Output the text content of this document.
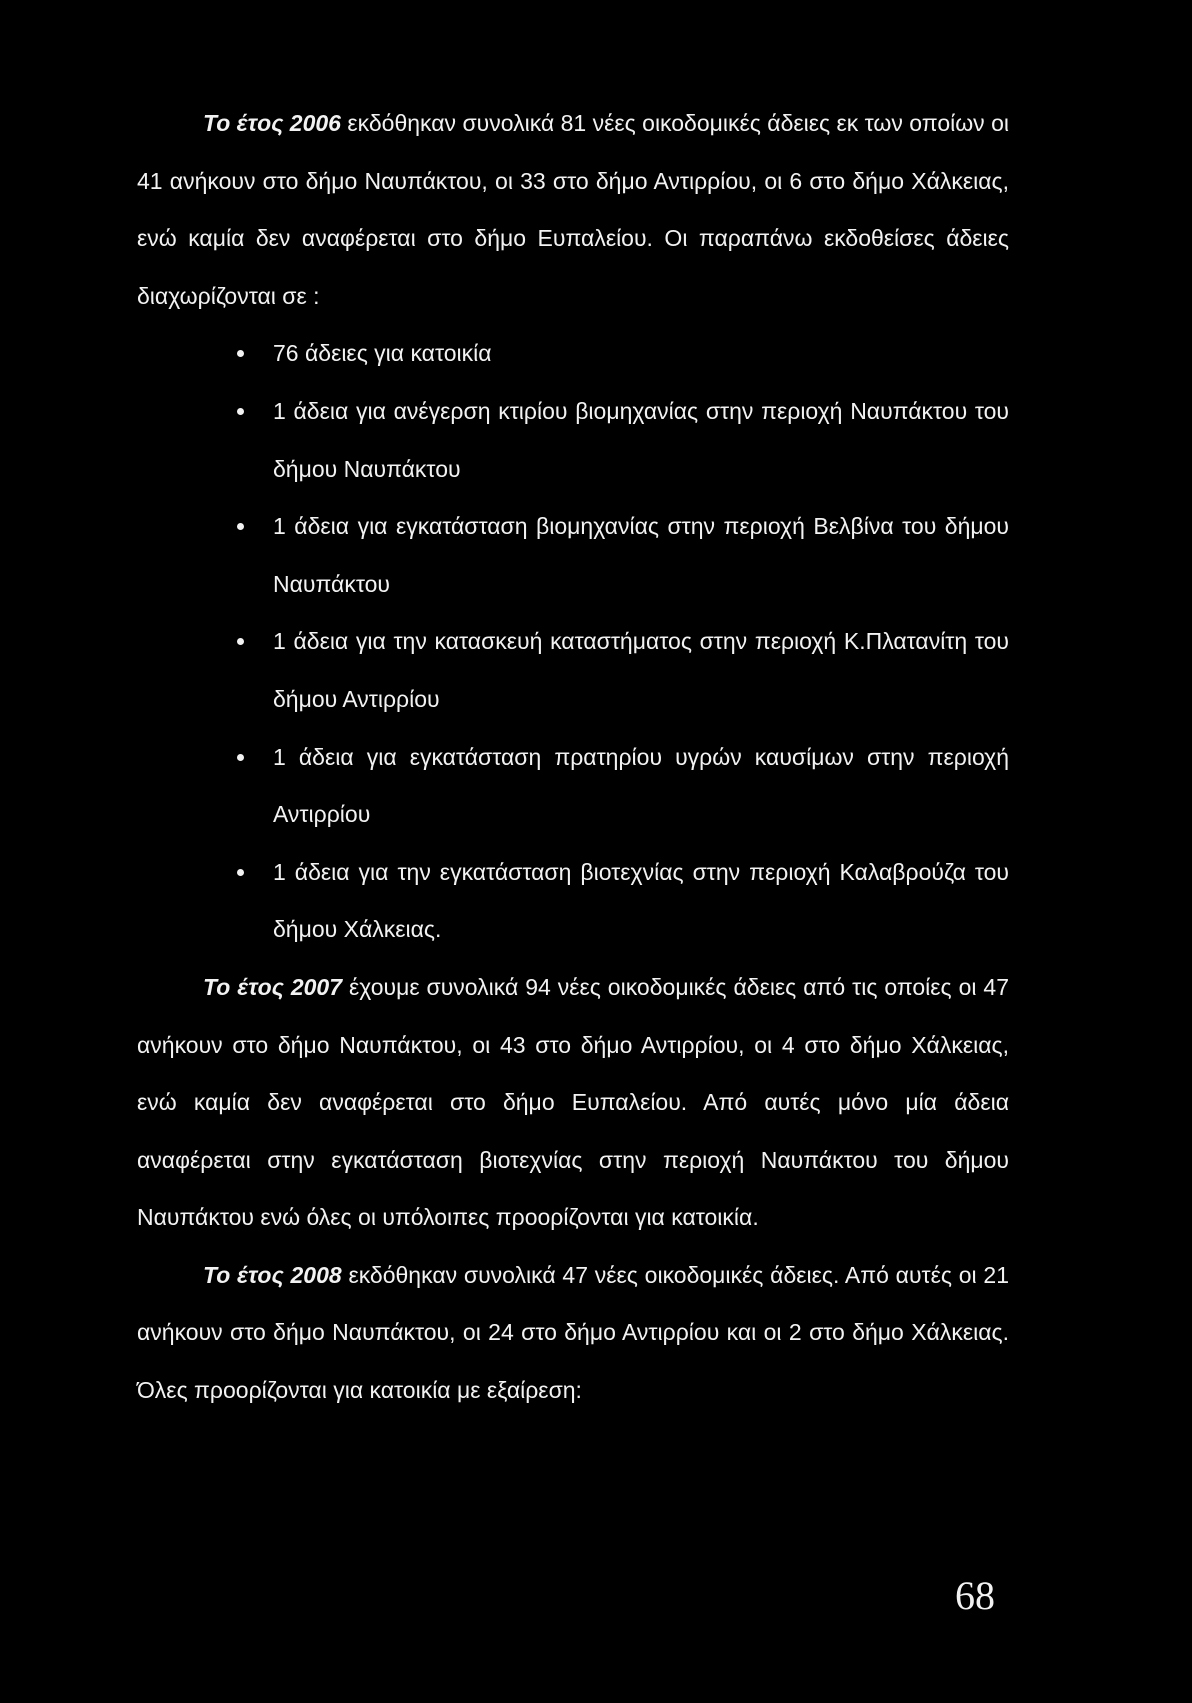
Το έτος 2006 εκδόθηκαν συνολικά 81 νέες οικοδομικές άδειες εκ των οποίων οι 41 ανήκουν στο δήμο Ναυπάκτου, οι 33 στο δήμο Αντιρρίου, οι 6 στο δήμο Χάλκειας, ενώ καμία δεν αναφέρεται στο δήμο Ευπαλείου. Οι παραπάνω εκδοθείσες άδειες διαχωρίζονται σε :

76 άδειες για κατοικία
1 άδεια για ανέγερση κτιρίου βιομηχανίας στην περιοχή Ναυπάκτου του δήμου Ναυπάκτου
1 άδεια για εγκατάσταση βιομηχανίας στην περιοχή Βελβίνα του δήμου Ναυπάκτου
1 άδεια για την κατασκευή καταστήματος στην περιοχή Κ.Πλατανίτη του δήμου Αντιρρίου
1 άδεια για εγκατάσταση πρατηρίου υγρών καυσίμων στην περιοχή Αντιρρίου
1 άδεια για την εγκατάσταση βιοτεχνίας στην περιοχή Καλαβρούζα του δήμου Χάλκειας.

Το έτος 2007 έχουμε συνολικά 94 νέες οικοδομικές άδειες από τις οποίες οι 47 ανήκουν στο δήμο Ναυπάκτου, οι 43 στο δήμο Αντιρρίου, οι 4 στο δήμο Χάλκειας, ενώ καμία δεν αναφέρεται στο δήμο Ευπαλείου. Από αυτές μόνο μία άδεια αναφέρεται στην εγκατάσταση βιοτεχνίας στην περιοχή Ναυπάκτου του δήμου Ναυπάκτου ενώ όλες οι υπόλοιπες προορίζονται για κατοικία.

Το έτος 2008 εκδόθηκαν συνολικά 47 νέες οικοδομικές άδειες. Από αυτές οι 21 ανήκουν στο δήμο Ναυπάκτου, οι 24 στο δήμο Αντιρρίου και οι 2 στο δήμο Χάλκειας. Όλες προορίζονται για κατοικία με εξαίρεση:

68
